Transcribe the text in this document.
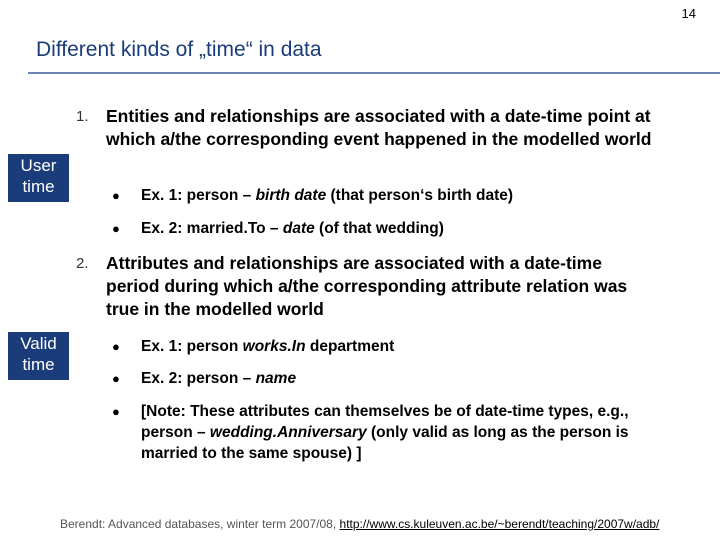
14
Different kinds of „time“ in data
User
time
Valid
time
1. Entities and relationships are associated with a date-time point at which a/the corresponding event happened in the modelled world
● Ex. 1: person – birth date (that person‘s birth date)
● Ex. 2: married.To – date (of that wedding)
2. Attributes and relationships are associated with a date-time period during which a/the corresponding attribute relation was true in the modelled world
● Ex. 1: person works.In department
● Ex. 2: person – name
● [Note: These attributes can themselves be of date-time types, e.g., person – wedding.Anniversary (only valid as long as the person is married to the same spouse) ]
Berendt: Advanced databases, winter term 2007/08, http://www.cs.kuleuven.ac.be/~berendt/teaching/2007w/adb/
